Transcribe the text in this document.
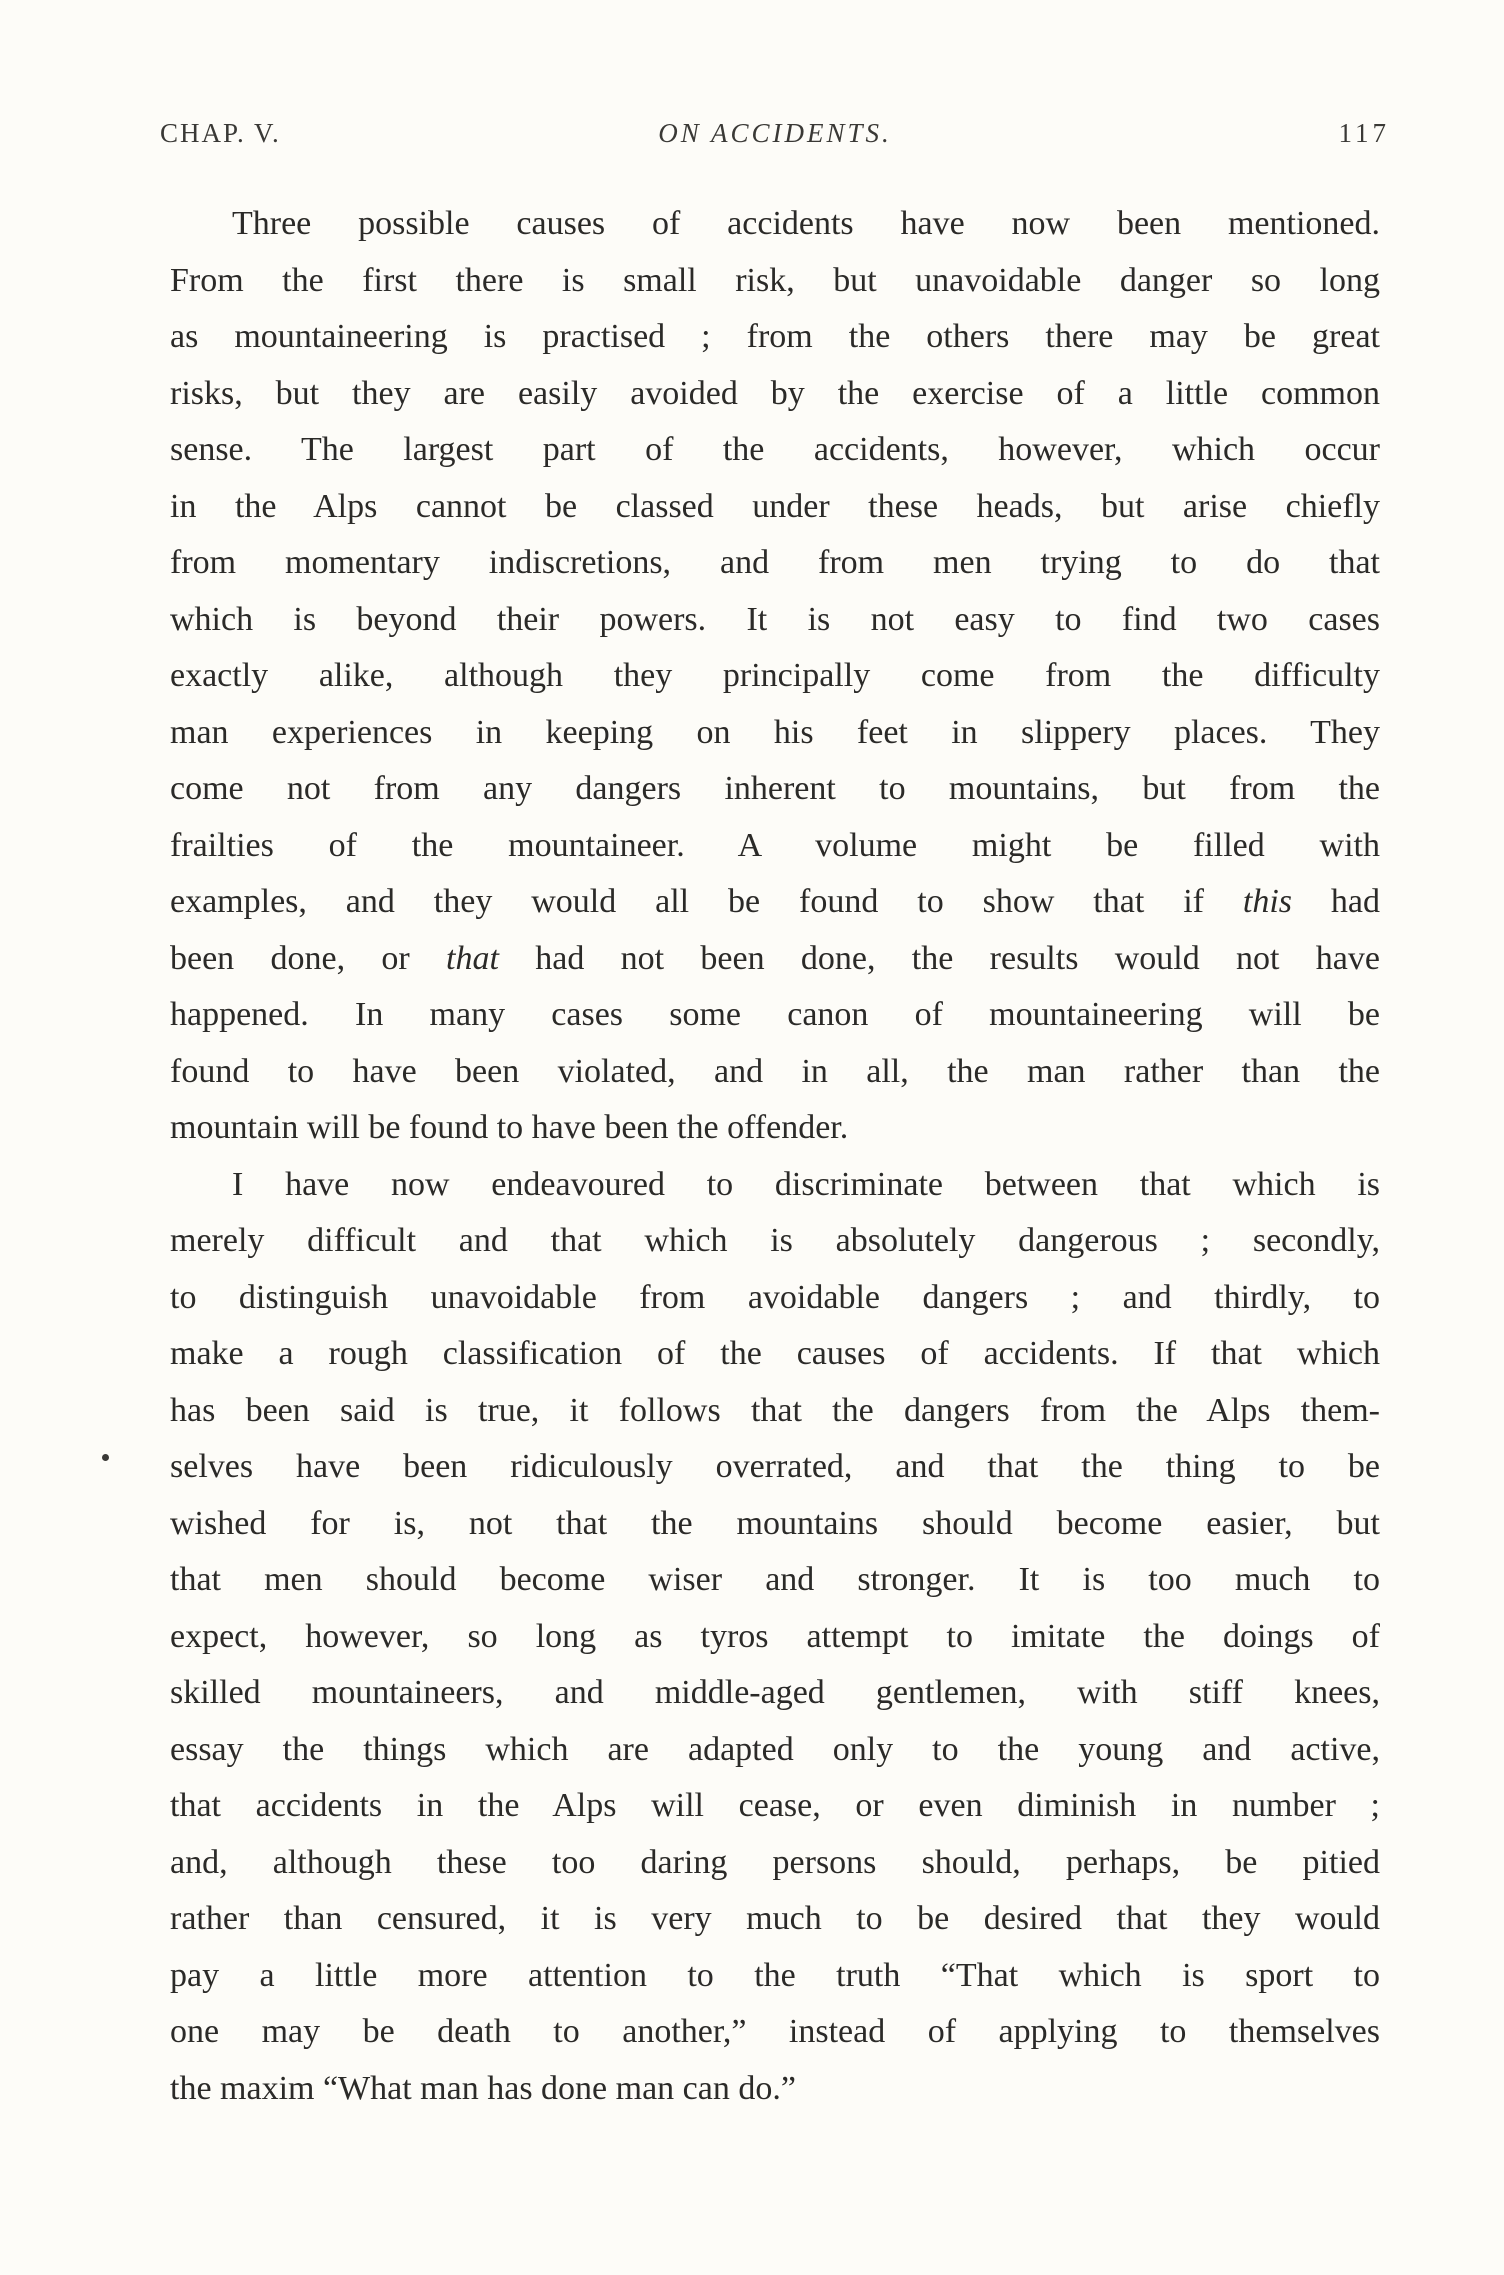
CHAP. V.	ON ACCIDENTS.	117
Three possible causes of accidents have now been mentioned.
From the first there is small risk, but unavoidable danger so long
as mountaineering is practised ; from the others there may be great
risks, but they are easily avoided by the exercise of a little common
sense. The largest part of the accidents, however, which occur
in the Alps cannot be classed under these heads, but arise chiefly
from momentary indiscretions, and from men trying to do that
which is beyond their powers. It is not easy to find two cases
exactly alike, although they principally come from the difficulty
man experiences in keeping on his feet in slippery places. They
come not from any dangers inherent to mountains, but from the
frailties of the mountaineer. A volume might be filled with
examples, and they would all be found to show that if this had
been done, or that had not been done, the results would not have
happened. In many cases some canon of mountaineering will be
found to have been violated, and in all, the man rather than the
mountain will be found to have been the offender.
I have now endeavoured to discriminate between that which is
merely difficult and that which is absolutely dangerous ; secondly,
to distinguish unavoidable from avoidable dangers ; and thirdly, to
make a rough classification of the causes of accidents. If that which
has been said is true, it follows that the dangers from the Alps them-
selves have been ridiculously overrated, and that the thing to be
wished for is, not that the mountains should become easier, but
that men should become wiser and stronger. It is too much to
expect, however, so long as tyros attempt to imitate the doings of
skilled mountaineers, and middle-aged gentlemen, with stiff knees,
essay the things which are adapted only to the young and active,
that accidents in the Alps will cease, or even diminish in number ;
and, although these too daring persons should, perhaps, be pitied
rather than censured, it is very much to be desired that they would
pay a little more attention to the truth “That which is sport to
one may be death to another,” instead of applying to themselves
the maxim “What man has done man can do.”
